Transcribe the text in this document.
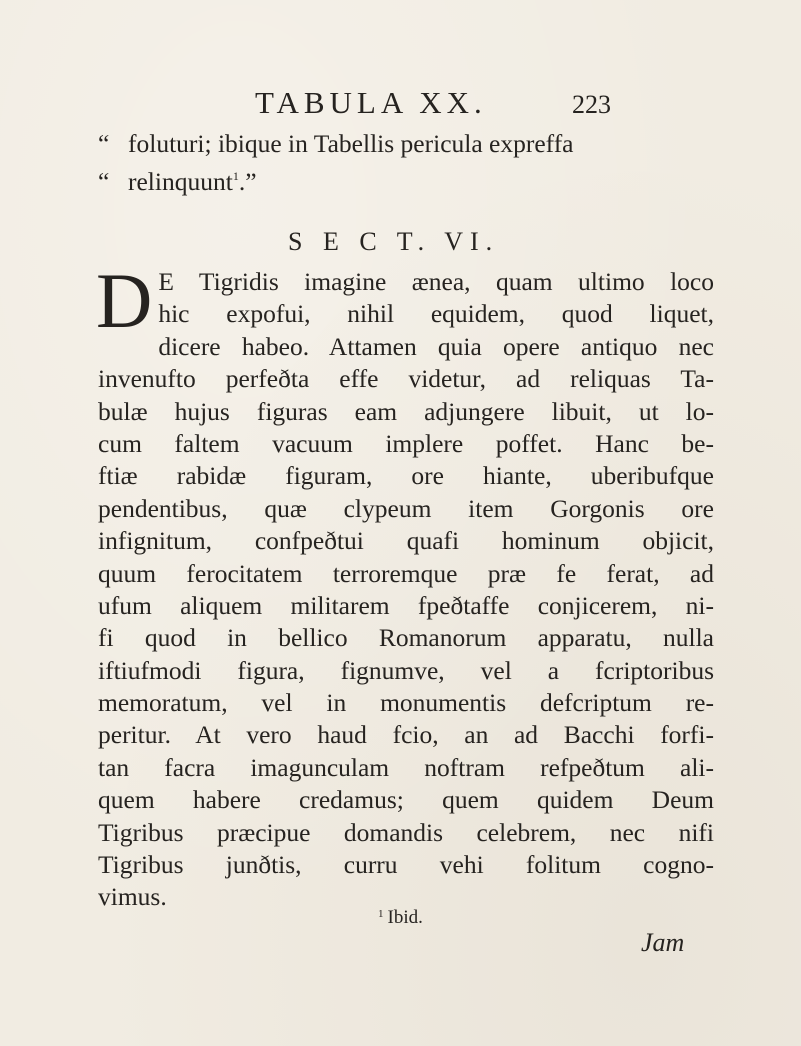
TABULA XX.	223
“ foluturi; ibique in Tabellis pericula expreffa
“ relinquunt$^1$.”
S E C T. VI.
D E Tigridis imagine ænea, quam ultimo loco
hic expofui, nihil equidem, quod liquet,
dicere habeo. Attamen quia opere antiquo nec
invenufto perfeðta effe videtur, ad reliquas Ta-
bulæ hujus figuras eam adjungere libuit, ut lo-
cum faltem vacuum implere poffet. Hanc be-
ftiæ rabidæ figuram, ore hiante, uberibufque
pendentibus, quæ clypeum item Gorgonis ore
infignitum, confpeðtui quafi hominum objicit,
quum ferocitatem terroremque præ fe ferat, ad
ufum aliquem militarem fpeðtaffe conjicerem, ni-
fi quod in bellico Romanorum apparatu, nulla
iftiufmodi figura, fignumve, vel a fcriptoribus
memoratum, vel in monumentis defcriptum re-
peritur. At vero haud fcio, an ad Bacchi forfi-
tan facra imagunculam noftram refpeðtum ali-
quem habere credamus; quem quidem Deum
Tigribus præcipue domandis celebrem, nec nifi
Tigribus junðtis, curru vehi folitum cogno-
vimus.
$^1$ Ibid.
Jam
